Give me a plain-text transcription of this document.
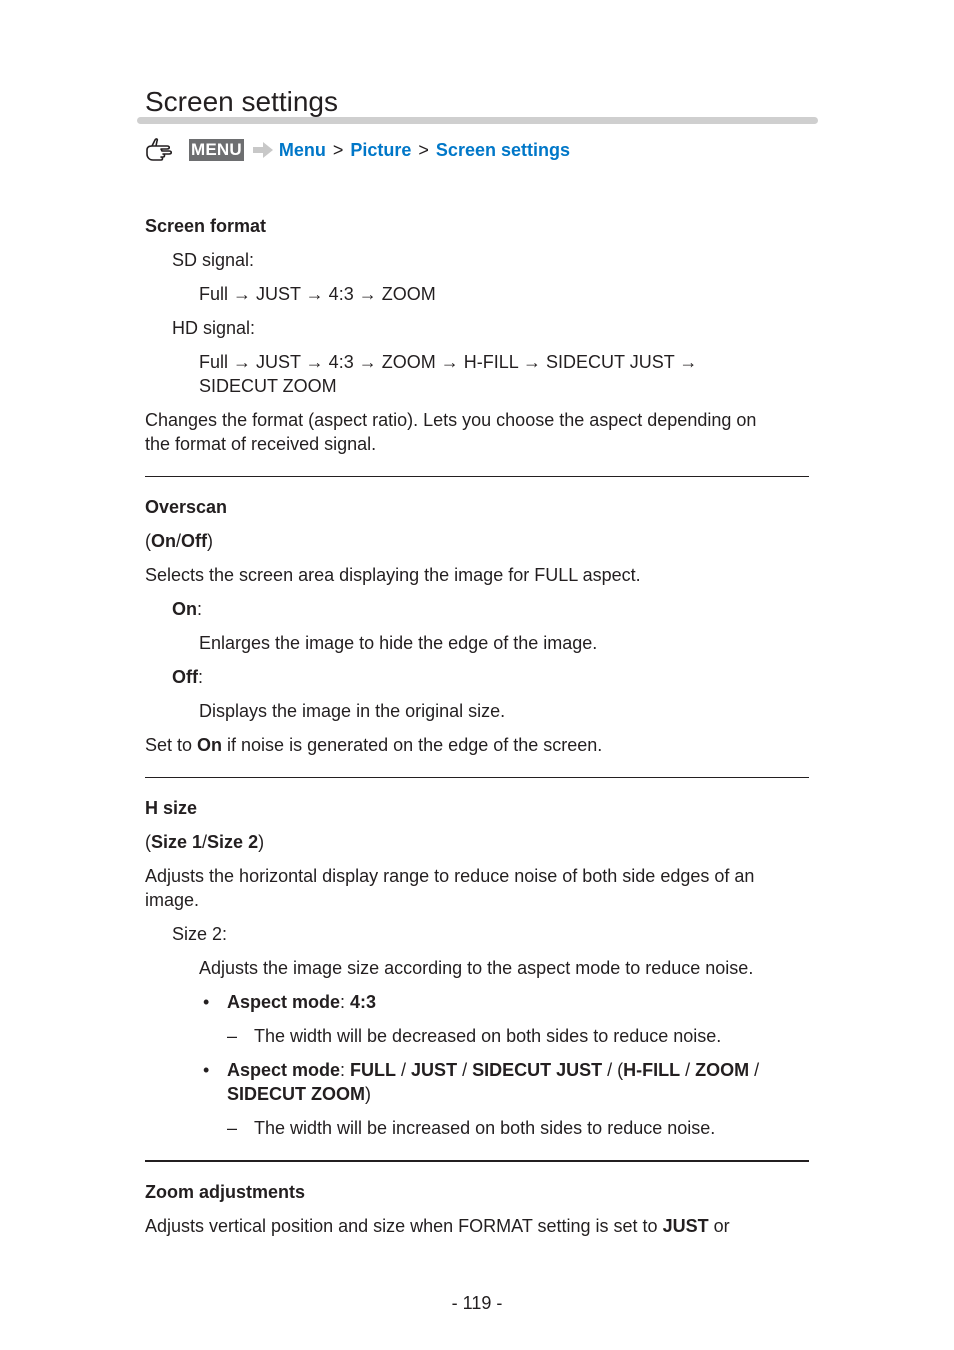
Screen settings
MENU Menu > Picture > Screen settings

Screen format

SD signal:

Full → JUST → 4:3 → ZOOM

HD signal:

Full → JUST → 4:3 → ZOOM → H-FILL → SIDECUT JUST →

SIDECUT ZOOM

Changes the format (aspect ratio). Lets you choose the aspect depending on

the format of received signal.

Overscan

(On/Off)

Selects the screen area displaying the image for FULL aspect.

On:

Enlarges the image to hide the edge of the image.

Off:

Displays the image in the original size.

Set to On if noise is generated on the edge of the screen.

H size

(Size 1/Size 2)

Adjusts the horizontal display range to reduce noise of both side edges of an

image.

Size 2:

Adjusts the image size according to the aspect mode to reduce noise.

• Aspect mode: 4:3

– The width will be decreased on both sides to reduce noise.

• Aspect mode: FULL / JUST / SIDECUT JUST / (H-FILL / ZOOM /
SIDECUT ZOOM)

– The width will be increased on both sides to reduce noise.

Zoom adjustments

Adjusts vertical position and size when FORMAT setting is set to JUST or

- 119 -
